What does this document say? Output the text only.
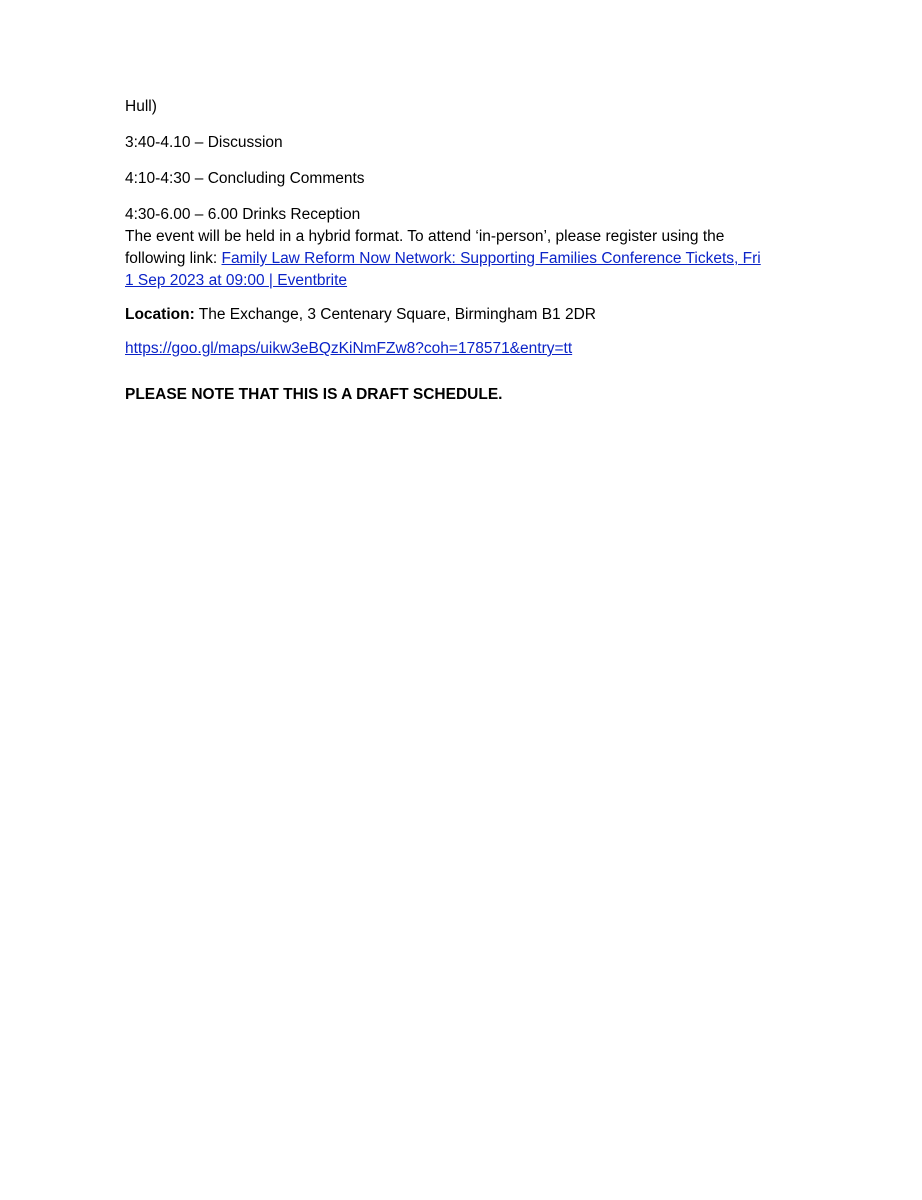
Hull)

3:40-4.10 – Discussion

4:10-4:30 – Concluding Comments

4:30-6.00 – 6.00 Drinks Reception

The event will be held in a hybrid format. To attend ‘in-person’, please register using the following link: Family Law Reform Now Network: Supporting Families Conference Tickets, Fri
1 Sep 2023 at 09:00 | Eventbrite

Location: The Exchange, 3 Centenary Square, Birmingham B1 2DR

https://goo.gl/maps/uikw3eBQzKiNmFZw8?coh=178571&entry=tt

PLEASE NOTE THAT THIS IS A DRAFT SCHEDULE.
